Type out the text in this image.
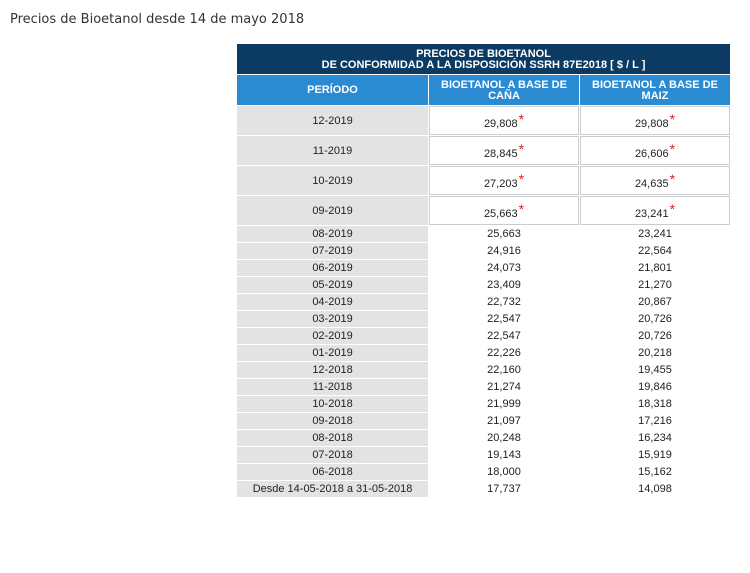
Precios de Bioetanol desde 14 de mayo 2018
PRECIOS DE BIOETANOL
DE CONFORMIDAD A LA DISPOSICIÓN SSRH 87E2018 [ $ / L ]		

PERÍODO	BIOETANOL A BASE DE CAÑA	BIOETANOL A BASE DE MAIZ
12-2019	29,808*	29,808*
11-2019	28,845*	26,606*
10-2019	27,203*	24,635*
09-2019	25,663*	23,241*
08-2019	25,663	23,241
07-2019	24,916	22,564
06-2019	24,073	21,801
05-2019	23,409	21,270
04-2019	22,732	20,867
03-2019	22,547	20,726
02-2019	22,547	20,726
01-2019	22,226	20,218
12-2018	22,160	19,455
11-2018	21,274	19,846
10-2018	21,999	18,318
09-2018	21,097	17,216
08-2018	20,248	16,234
07-2018	19,143	15,919
06-2018	18,000	15,162
Desde 14-05-2018 a 31-05-2018	17,737	14,098
